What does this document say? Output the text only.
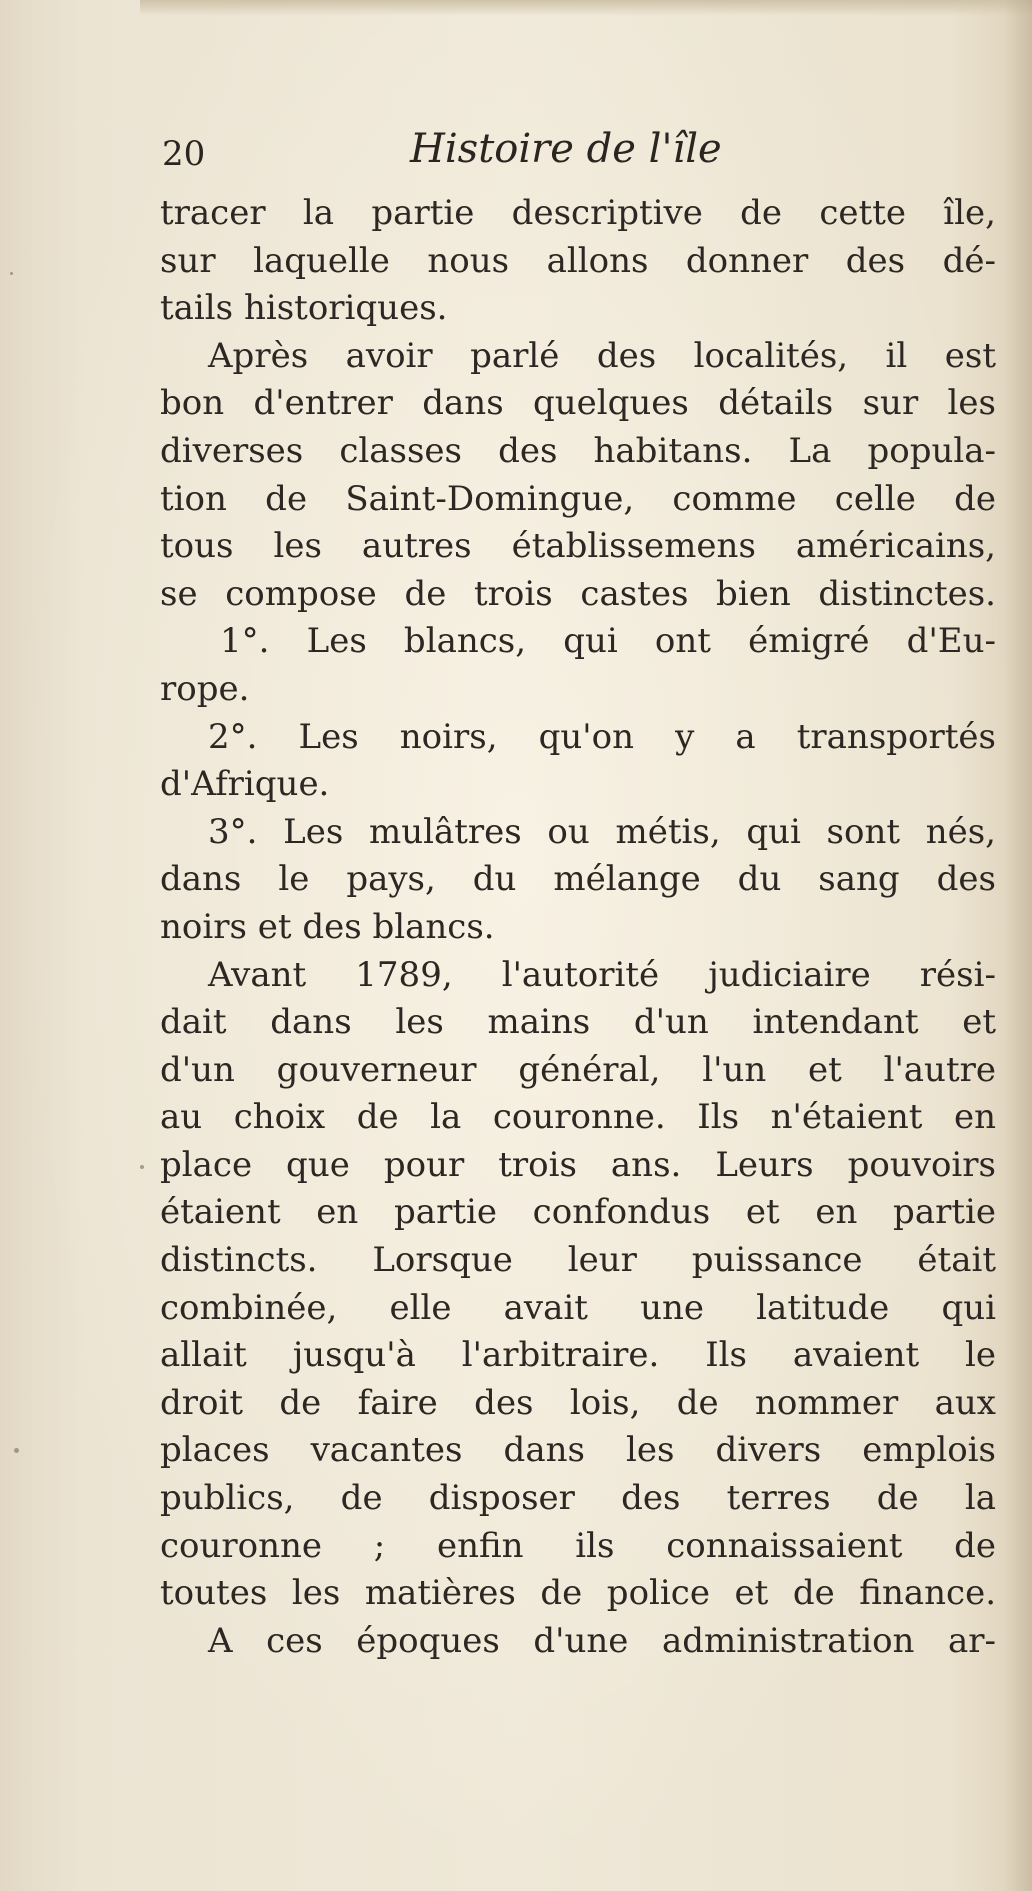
20	Histoire de l'île
tracer la partie descriptive de cette île,
sur laquelle nous allons donner des dé-
tails historiques.
Après avoir parlé des localités, il est
bon d'entrer dans quelques détails sur les
diverses classes des habitans. La popula-
tion de Saint-Domingue, comme celle de
tous les autres établissemens américains,
se compose de trois castes bien distinctes.
1°. Les blancs, qui ont émigré d'Eu-
rope.
2°. Les noirs, qu'on y a transportés
d'Afrique.
3°. Les mulâtres ou métis, qui sont nés,
dans le pays, du mélange du sang des
noirs et des blancs.
Avant 1789, l'autorité judiciaire rési-
dait dans les mains d'un intendant et
d'un gouverneur général, l'un et l'autre
au choix de la couronne. Ils n'étaient en
place que pour trois ans. Leurs pouvoirs
étaient en partie confondus et en partie
distincts. Lorsque leur puissance était
combinée, elle avait une latitude qui
allait jusqu'à l'arbitraire. Ils avaient le
droit de faire des lois, de nommer aux
places vacantes dans les divers emplois
publics, de disposer des terres de la
couronne ; enfin ils connaissaient de
toutes les matières de police et de finance.
A ces époques d'une administration ar-
